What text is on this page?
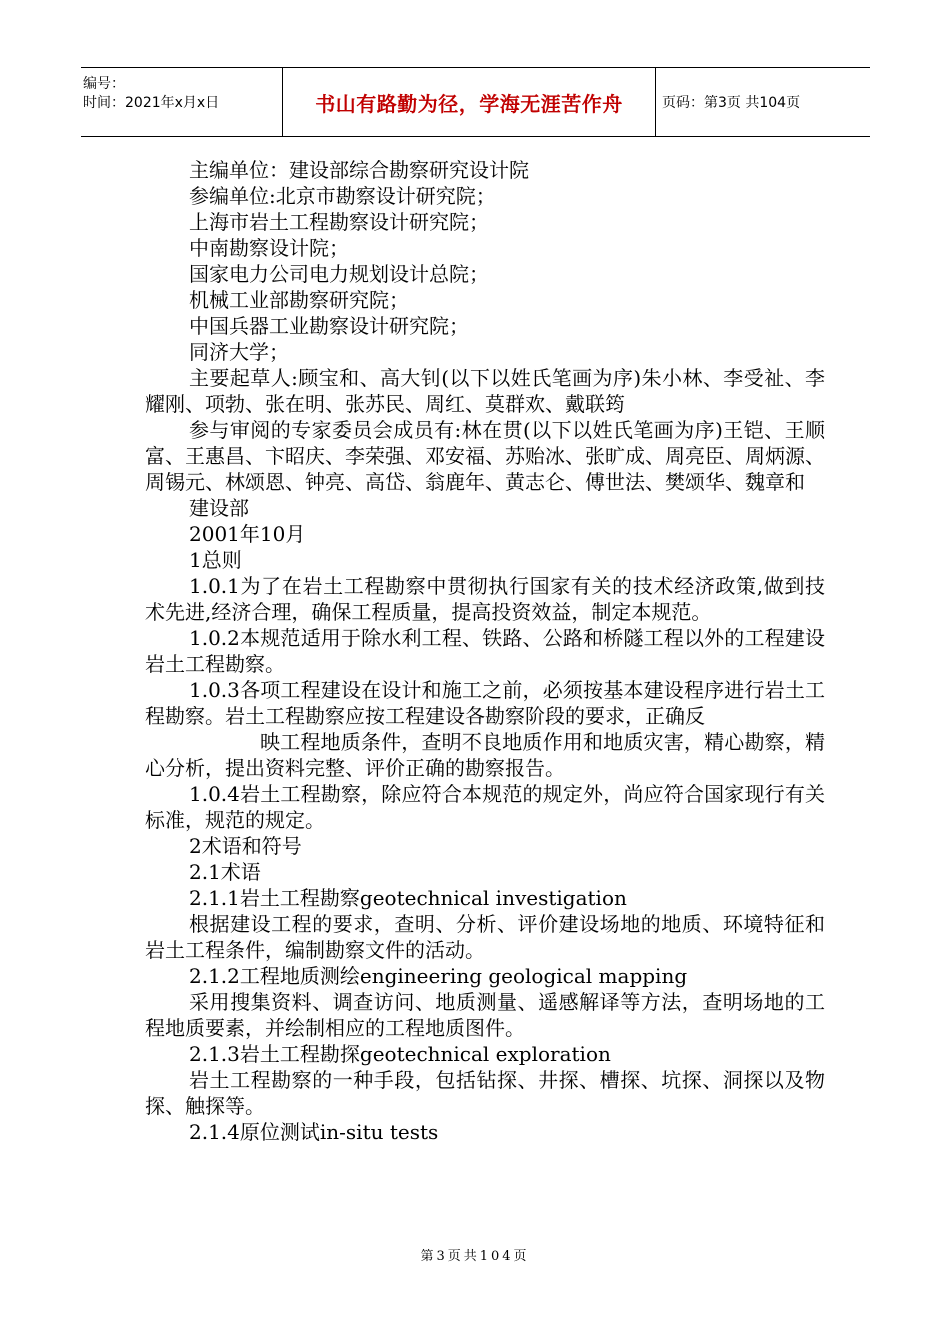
编号：
时间：2021年x月x日	书山有路勤为径，学海无涯苦作舟	页码：第3页 共104页

主编单位：建设部综合勘察研究设计院

参编单位:北京市勘察设计研究院；

上海市岩土工程勘察设计研究院；

中南勘察设计院；

国家电力公司电力规划设计总院；

机械工业部勘察研究院；

中国兵器工业勘察设计研究院；

同济大学；

主要起草人:顾宝和、高大钊(以下以姓氏笔画为序)朱小林、李受祉、李耀刚、项勃、张在明、张苏民、周红、莫群欢、戴联筠

参与审阅的专家委员会成员有:林在贯(以下以姓氏笔画为序)王铠、王顺富、王惠昌、卞昭庆、李荣强、邓安福、苏贻冰、张旷成、周亮臣、周炳源、周锡元、林颂恩、钟亮、高岱、翁鹿年、黄志仑、傅世法、樊颂华、魏章和

建设部

2001年10月

1总则

1.0.1为了在岩土工程勘察中贯彻执行国家有关的技术经济政策,做到技术先进,经济合理，确保工程质量，提高投资效益，制定本规范。

1.0.2本规范适用于除水利工程、铁路、公路和桥隧工程以外的工程建设岩土工程勘察。

1.0.3各项工程建设在设计和施工之前，必须按基本建设程序进行岩土工程勘察。岩土工程勘察应按工程建设各勘察阶段的要求，正确反

映工程地质条件，查明不良地质作用和地质灾害，精心勘察，精心分析，提出资料完整、评价正确的勘察报告。

1.0.4岩土工程勘察，除应符合本规范的规定外，尚应符合国家现行有关标准，规范的规定。

2术语和符号

2.1术语

2.1.1岩土工程勘察geotechnical investigation

根据建设工程的要求，查明、分析、评价建设场地的地质、环境特征和岩土工程条件，编制勘察文件的活动。

2.1.2工程地质测绘engineering geological mapping

采用搜集资料、调查访问、地质测量、遥感解译等方法，查明场地的工程地质要素，并绘制相应的工程地质图件。

2.1.3岩土工程勘探geotechnical exploration

岩土工程勘察的一种手段，包括钻探、井探、槽探、坑探、洞探以及物探、触探等。

2.1.4原位测试in-situ tests

第3页共104页
